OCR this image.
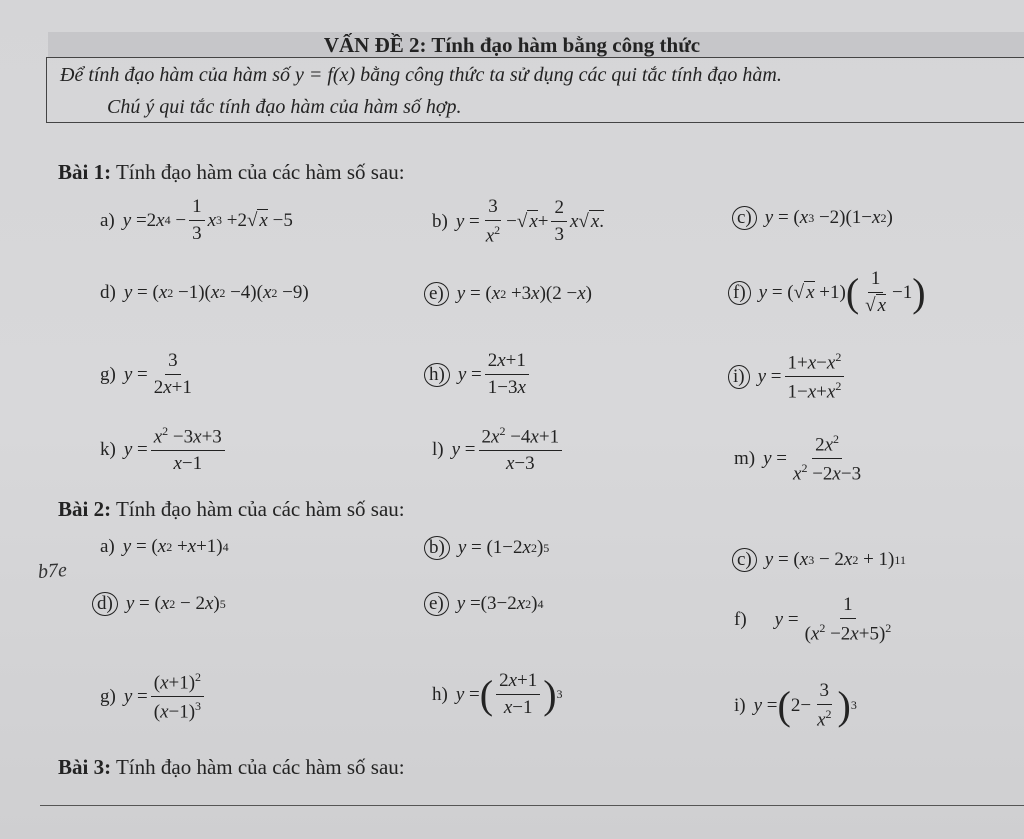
VẤN ĐỀ 2: Tính đạo hàm bằng công thức
Để tính đạo hàm của hàm số y = f(x) bằng công thức ta sử dụng các qui tắc tính đạo hàm.
Chú ý qui tắc tính đạo hàm của hàm số hợp.
Bài 1: Tính đạo hàm của các hàm số sau:
a) y =2 x $4 - \frac{1}{3}$ x 3 +2√ x −5	b) $y = \frac{3}{x^2}$ −√ $x + \frac{2}{3}$ x √ x.	c) y = ( x 3 −2)(1− x 2 )
d) y = ( x 2 −1)( x 2 −4)( x 2 −9)	e) y = ( x 2 +3 x )(2 − x )	f) y = (√ x +1) ( $\frac{1}{√ x} -1$ )
g) $y = \frac{3}{2x+1}$	h) $y = \frac{2x+1}{1-3x}$	i) $y = \frac{1+x-x^2}{1-x+x^2}$
k) $y = \frac{x^2 -3x+3}{x-1}$	l) $y = \frac{2x^2 -4x+1}{x-3}$	m) $y = \frac{2x^2}{x^2 -2x-3}$
Bài 2: Tính đạo hàm của các hàm số sau:
b7e
a) y = ( x 2 + x +1) 4	b) y = (1−2 x 2 ) 5
c) y = ( x 3 − 2 x 2 + 1) 11
d) y = ( x 2 − 2 x ) 5	e) y =(3−2 x 2 ) 4
f) $y = \frac{1}{(x^2 -2x+5)^2}$
g) $y = \frac{(x+1)^2}{(x-1)^3}$	h) y = ( $\frac{2x+1}{x-1}$ ) 3
i) y = ( $2- \frac{3}{x^2}$ ) 3
Bài 3: Tính đạo hàm của các hàm số sau:
